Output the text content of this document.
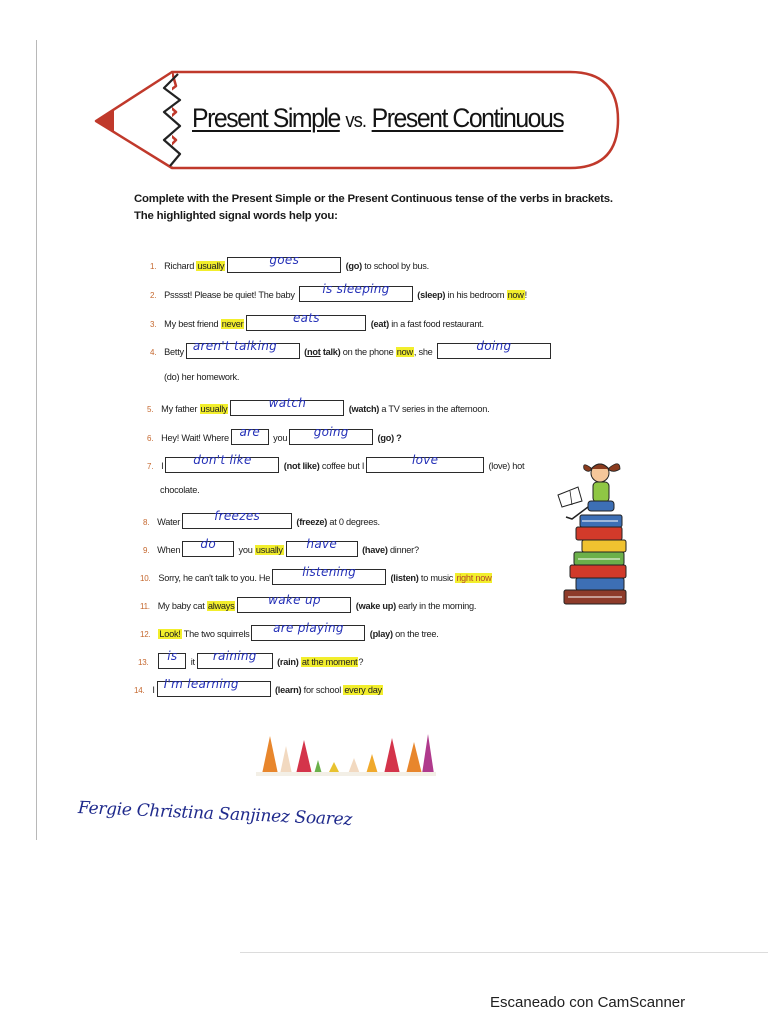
Present Simple vs. Present Continuous
Complete with the Present Simple or the Present Continuous tense of the verbs in brackets. The highlighted signal words help you:
1. Richard usually	goes	(go) to school by bus.
2. Psssst! Please be quiet! The baby	is sleeping	(sleep) in his bedroom now!
3. My best friend never	eats	(eat) in a fast food restaurant.
4. Betty aren't talking	(not talk) on the phone now, she	doing
(do) her homework.
5. My father usually	watch	(watch) a TV series in the afternoon.
6. Hey! Wait! Where are	you	going	(go) ?
7. I	don't like	(not like) coffee but I	love	(love) hot
chocolate.
8. Water	freezes	(freeze) at 0 degrees.
9. When	do	you usually	have	(have) dinner?
10. Sorry, he can't talk to you. He	listening	(listen) to music right now
11. My baby cat always	wake up	(wake up) early in the morning.
12. Look! The two squirrels	are playing	(play) on the tree.
13.	is	it	raining	(rain) at the moment?
14. I I'm learning	(learn) for school every day
Fergie Christina Sanjinez Soarez
Escaneado con CamScanner
